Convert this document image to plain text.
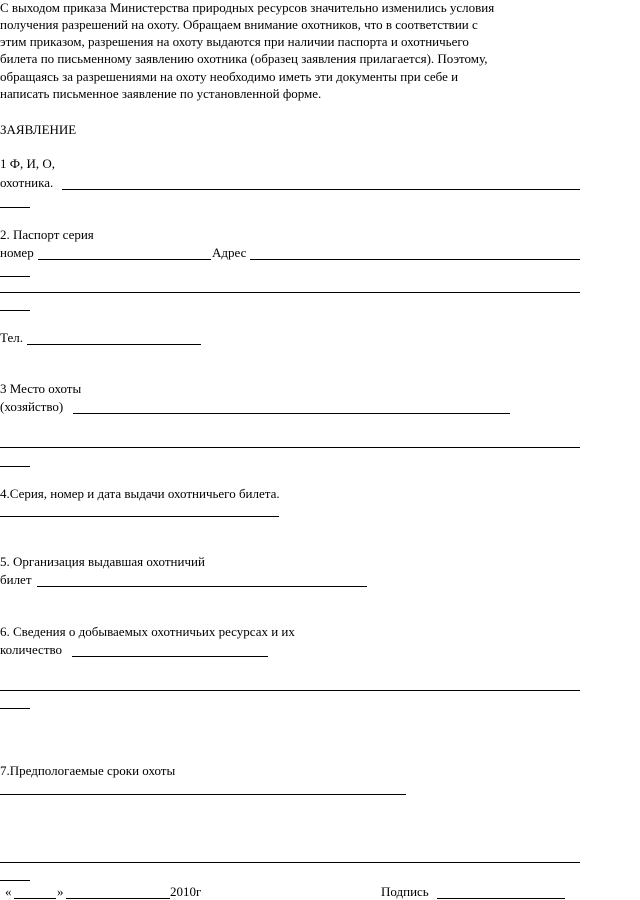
С выходом приказа Министерства природных ресурсов значительно изменились условия
получения разрешений на охоту. Обращаем внимание охотников, что в соответствии с
этим приказом, разрешения на охоту выдаются при наличии паспорта и охотничьего
билета по письменному заявлению охотника (образец заявления прилагается). Поэтому,
обращаясь за разрешениями на охоту необходимо иметь эти документы при себе и
написать письменное заявление по установленной форме.
ЗАЯВЛЕНИЕ
1 Ф, И, О,
охотника.
2. Паспорт серия
номер	Адрес
Тел.
3 Место охоты
(хозяйство)
4.Серия, номер и дата выдачи охотничьего билета.
5. Организация выдавшая охотничий
билет
6. Сведения о добываемых охотничьих ресурсах и их
количество
7.Предпологаемые сроки охоты
«	»	2010г	Подпись
